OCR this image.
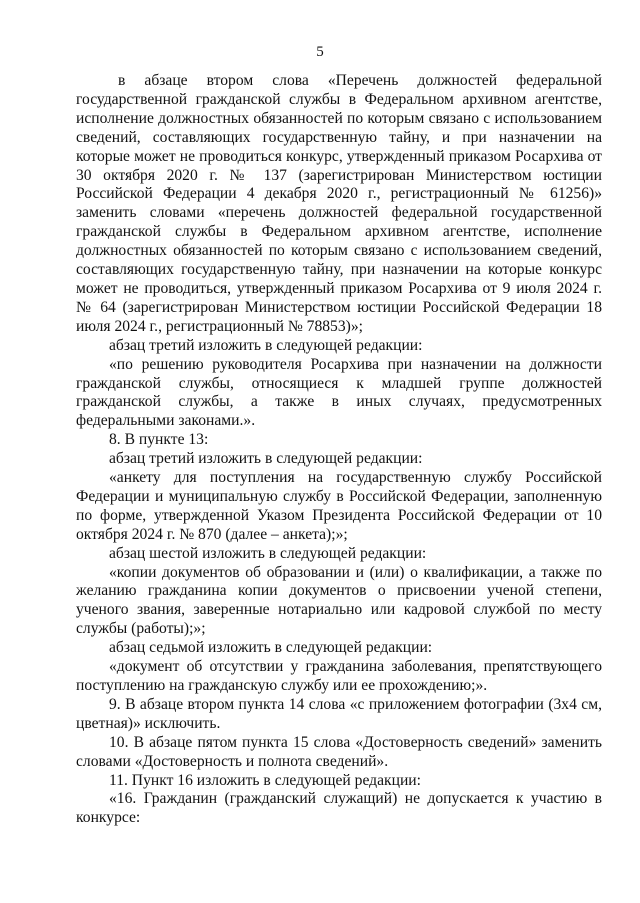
5

в абзаце втором слова «Перечень должностей федеральной государственной гражданской службы в Федеральном архивном агентстве, исполнение должностных обязанностей по которым связано с использованием сведений, составляющих государственную тайну, и при назначении на которые может не проводиться конкурс, утвержденный приказом Росархива от 30 октября 2020 г. № 137 (зарегистрирован Министерством юстиции Российской Федерации 4 декабря 2020 г., регистрационный № 61256)» заменить словами «перечень должностей федеральной государственной гражданской службы в Федеральном архивном агентстве, исполнение должностных обязанностей по которым связано с использованием сведений, составляющих государственную тайну, при назначении на которые конкурс может не проводиться, утвержденный приказом Росархива от 9 июля 2024 г. № 64 (зарегистрирован Министерством юстиции Российской Федерации 18 июля 2024 г., регистрационный № 78853)»;

абзац третий изложить в следующей редакции:

«по решению руководителя Росархива при назначении на должности гражданской службы, относящиеся к младшей группе должностей гражданской службы, а также в иных случаях, предусмотренных федеральными законами.».

8. В пункте 13:

абзац третий изложить в следующей редакции:

«анкету для поступления на государственную службу Российской Федерации и муниципальную службу в Российской Федерации, заполненную по форме, утвержденной Указом Президента Российской Федерации от 10 октября 2024 г. № 870 (далее – анкета);»;

абзац шестой изложить в следующей редакции:

«копии документов об образовании и (или) о квалификации, а также по желанию гражданина копии документов о присвоении ученой степени, ученого звания, заверенные нотариально или кадровой службой по месту службы (работы);»;

абзац седьмой изложить в следующей редакции:

«документ об отсутствии у гражданина заболевания, препятствующего поступлению на гражданскую службу или ее прохождению;».

9. В абзаце втором пункта 14 слова «с приложением фотографии (3х4 см, цветная)» исключить.

10. В абзаце пятом пункта 15 слова «Достоверность сведений» заменить словами «Достоверность и полнота сведений».

11. Пункт 16 изложить в следующей редакции:

«16. Гражданин (гражданский служащий) не допускается к участию в конкурсе:
